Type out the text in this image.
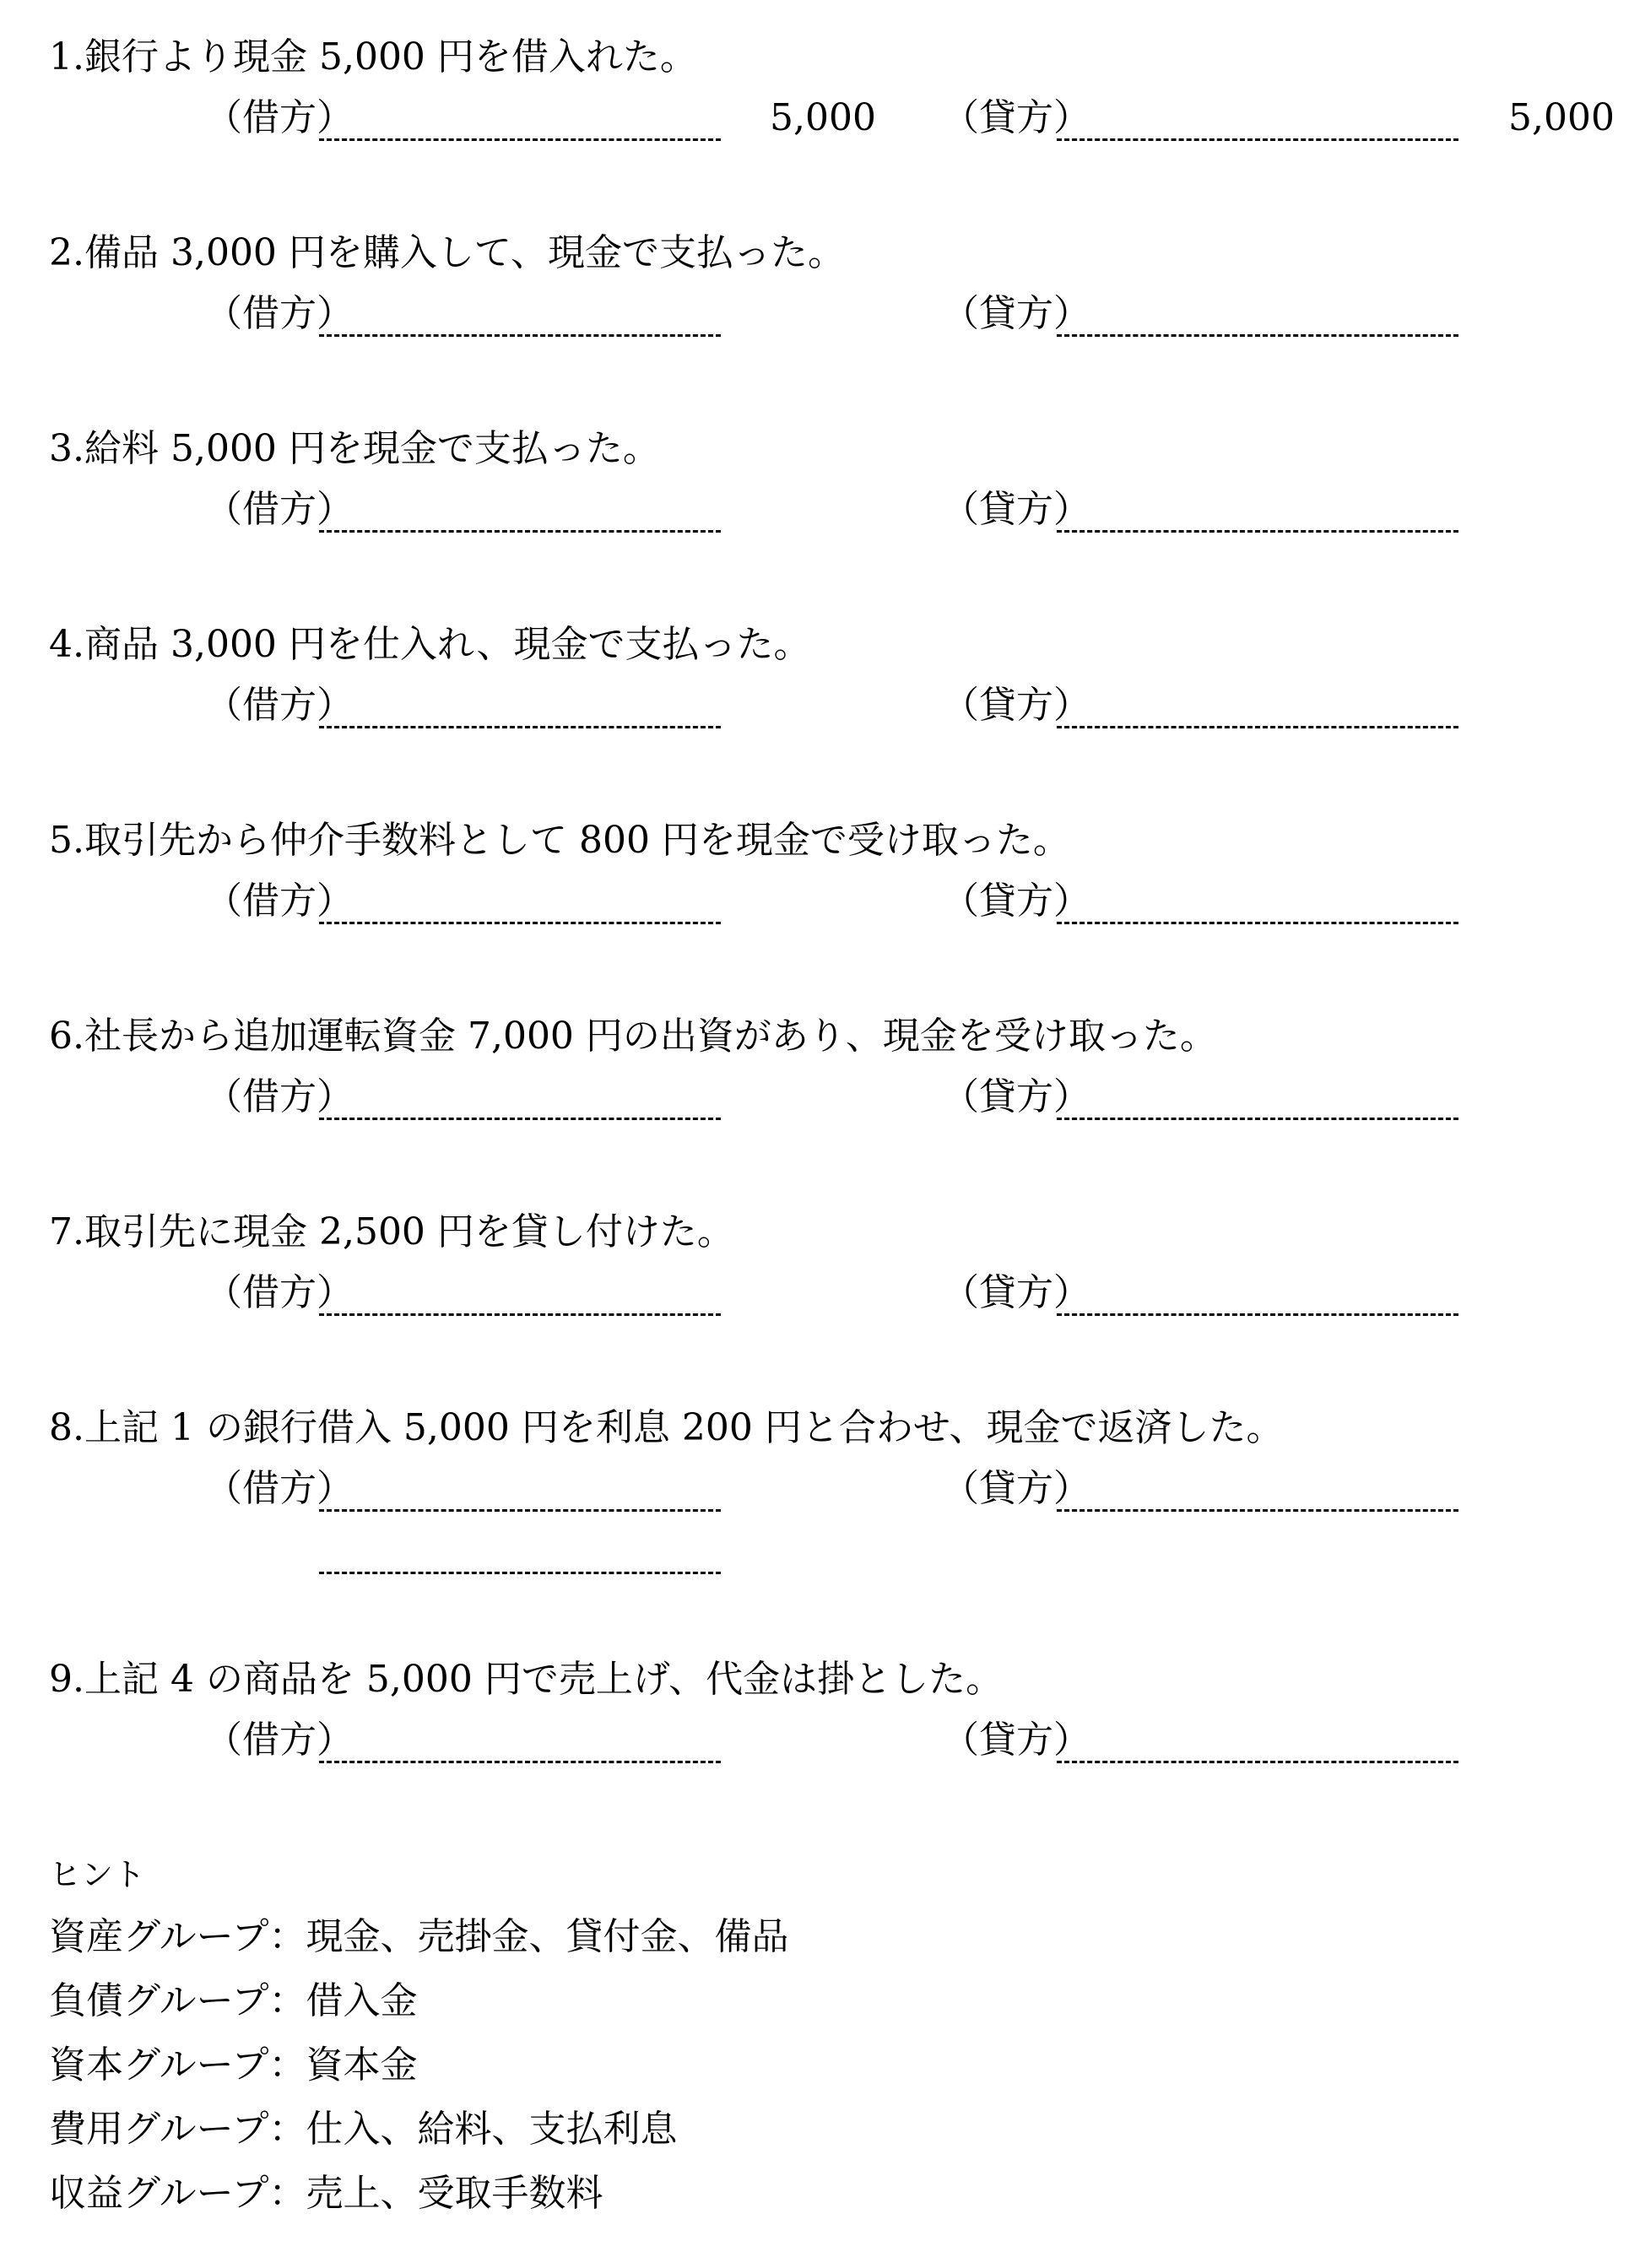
1.銀行より現金 5,000 円を借入れた。
（借方）	5,000 （貸方）	5,000
2.備品 3,000 円を購入して、現金で支払った。
（借方）	（貸方）
3.給料 5,000 円を現金で支払った。
（借方）	（貸方）
4.商品 3,000 円を仕入れ、現金で支払った。
（借方）	（貸方）
5.取引先から仲介手数料として 800 円を現金で受け取った。
（借方）	（貸方）
6.社長から追加運転資金 7,000 円の出資があり、現金を受け取った。
（借方）	（貸方）
7.取引先に現金 2,500 円を貸し付けた。
（借方）	（貸方）
8.上記 1 の銀行借入 5,000 円を利息 200 円と合わせ、現金で返済した。
（借方）	（貸方）
9.上記 4 の商品を 5,000 円で売上げ、代金は掛とした。
（借方）	（貸方）
ヒント
資産グループ：現金、売掛金、貸付金、備品
負債グループ：借入金
資本グループ：資本金
費用グループ：仕入、給料、支払利息
収益グループ：売上、受取手数料
